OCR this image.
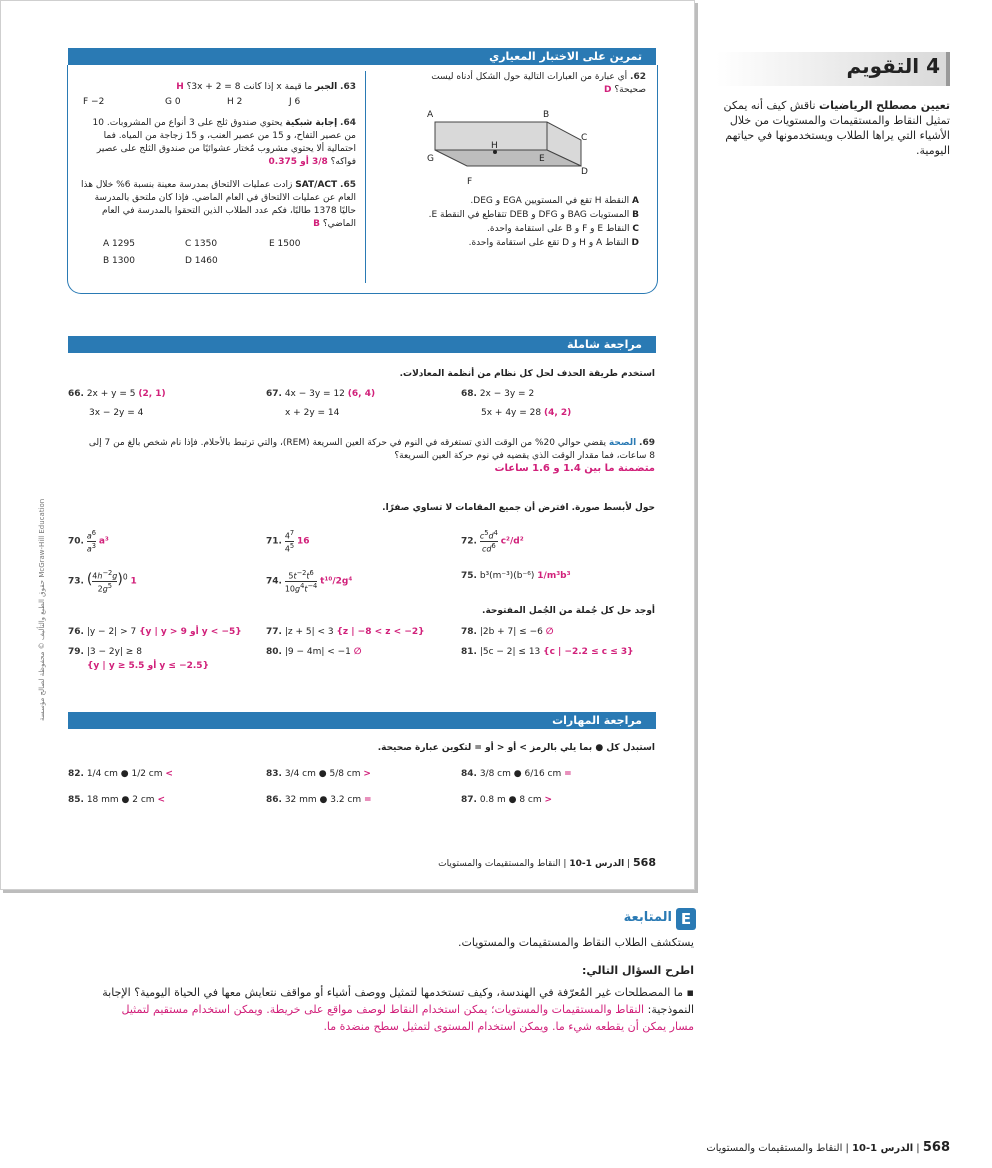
تمرين على الاختبار المعياري
62. أي عبارة من العبارات التالية حول الشكل أدناه ليست صحيحة؟ D
A	B
C
D
E
F
G
H
A النقطة H تقع في المستويين EGA و DEG.
B المستويات BAG و DFG و DEB تتقاطع في النقطة E.
C النقاط E و F و B على استقامة واحدة.
D النقاط A و H و D تقع على استقامة واحدة.
63. الجبر ما قيمة x إذا كانت 3x + 2 = 8؟ H
F −2	G 0	H 2	J 6
64. إجابة شبكية يحتوي صندوق ثلج على 3 أنواع من المشروبات. 10 من عصير التفاح، و 15 من عصير العنب، و 15 زجاجة من المياه. فما احتمالية ألا يحتوي مشروب مُختار عشوائيًا من صندوق الثلج على عصير فواكه؟ 3/8 أو 0.375
65. SAT/ACT زادت عمليات الالتحاق بمدرسة معينة بنسبة 6% خلال هذا العام عن عمليات الالتحاق في العام الماضي. فإذا كان ملتحق بالمدرسة حاليًا 1378 طالبًا، فكم عدد الطلاب الذين التحقوا بالمدرسة في العام الماضي؟ B
A 1295	C 1350	E 1500
B 1300	D 1460
مراجعة شاملة
استخدم طريقة الحذف لحل كل نظام من أنظمة المعادلات.
66. 2x + y = 5 (2, 1)
3x − 2y = 4
67. 4x − 3y = 12 (6, 4)
x + 2y = 14
68. 2x − 3y = 2
5x + 4y = 28 (4, 2)
69. الصحة يقضي حوالي 20% من الوقت الذي تستغرقه في النوم في حركة العين السريعة (REM)، والتي ترتبط بالأحلام. فإذا نام شخص بالغ من 7 إلى 8 ساعات، فما مقدار الوقت الذي يقضيه في نوم حركة العين السريعة؟
متضمنة ما بين 1.4 و 1.6 ساعات
حول لأبسط صورة. افترض أن جميع المقامات لا تساوي صفرًا.
70. $a^6$

$a^3$ a³	71. $4^7$

$4^5$ 16	72. $c^5d^4$

$cd^6$ c²/d²
73. ($4h^{-2}g$

$2g^5$ )$^0$ 1	74. $5t^{-2}t^6$

$10g^4t^{-4}$ t¹⁰/2g⁴
75. b³(m⁻³)(b⁻⁶) 1/m³b³
أوجد حل كل جُملة من الجُمل المفتوحة.
76. |y − 2| > 7 {y | y > 9 أو y < −5}	77. |z + 5| < 3 {z | −8 < z < −2}	78. |2b + 7| ≤ −6 ∅
79. |3 − 2y| ≥ 8
{y | y ≥ 5.5 أو y ≤ −2.5}
80. |9 − 4m| < −1 ∅	81. |5c − 2| ≤ 13 {c | −2.2 ≤ c ≤ 3}
مراجعة المهارات
استبدل كل ● بما يلي بالرمز > أو < أو = لتكوين عبارة صحيحة.
82. 1/4 cm ● 1/2 cm <	83. 3/4 cm ● 5/8 cm >	84. 3/8 cm ● 6/16 cm =
85. 18 mm ● 2 cm <	86. 32 mm ● 3.2 cm =	87. 0.8 m ● 8 cm >
حقوق الطبع والتأليف © محفوظة لصالح مؤسسة McGraw-Hill Education
568 | الدرس 1-10 | النقاط والمستقيمات والمستويات
4 التقويم
تعيين مصطلح الرياضيات ناقش كيف أنه يمكن تمثيل النقاط والمستقيمات والمستويات من خلال الأشياء التي يراها الطلاب ويستخدمونها في حياتهم اليومية.
E
المتابعة
يستكشف الطلاب النقاط والمستقيمات والمستويات.
اطرح السؤال التالي:
▪ ما المصطلحات غير المُعرّفة في الهندسة، وكيف تستخدمها لتمثيل ووصف أشياء أو مواقف نتعايش معها في الحياة اليومية؟ الإجابة النموذجية: النقاط والمستقيمات والمستويات؛ يمكن استخدام النقاط لوصف مواقع على خريطة. ويمكن استخدام مستقيم لتمثيل مسار يمكن أن يقطعه شيء ما. ويمكن استخدام المستوى لتمثيل سطح منضدة ما.
568 | الدرس 1-10 | النقاط والمستقيمات والمستويات
